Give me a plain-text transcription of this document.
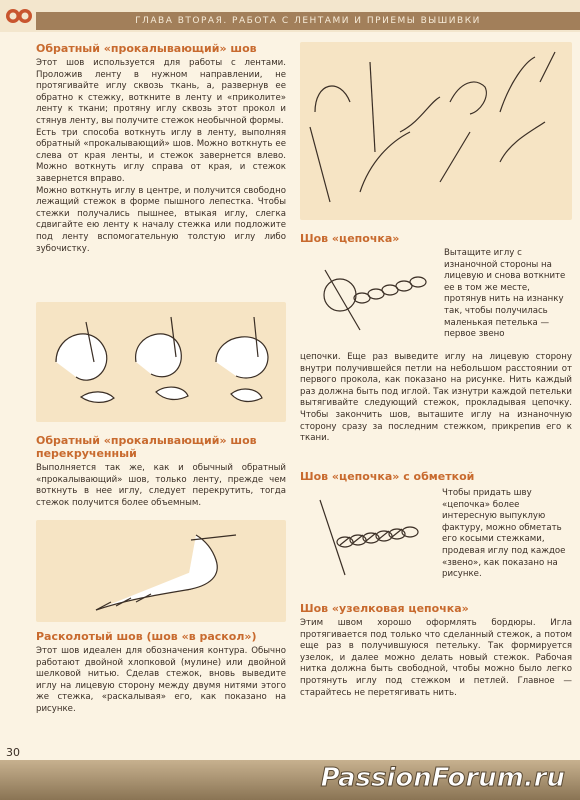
ГЛАВА ВТОРАЯ. РАБОТА С ЛЕНТАМИ И ПРИЕМЫ ВЫШИВКИ
Обратный «прокалывающий» шов

Этот шов используется для работы с лентами. Проложив ленту в нужном направлении, не протягивайте иглу сквозь ткань, а, развернув ее обратно к стежку, воткните в ленту и «приколите» ленту к ткани; протяну иглу сквозь этот прокол и стянув ленту, вы получите стежок необычной формы.

Есть три способа воткнуть иглу в ленту, выполняя обратный «прокалывающий» шов. Можно воткнуть ее слева от края ленты, и стежок завернется влево. Можно воткнуть иглу справа от края, и стежок завернется вправо.

Можно воткнуть иглу в центре, и получится свободно лежащий стежок в форме пышного лепестка. Чтобы стежки получались пышнее, втыкая иглу, слегка сдвигайте ею ленту к началу стежка или подложите под ленту вспомогательную толстую иглу либо зубочистку.

Обратный «прокалывающий» шов перекрученный

Выполняется так же, как и обычный обратный «прокалывающий» шов, только ленту, прежде чем воткнуть в нее иглу, следует перекрутить, тогда стежок получится более объемным.

Расколотый шов (шов «в раскол»)

Этот шов идеален для обозначения контура. Обычно работают двойной хлопковой (мулине) или двойной шелковой нитью. Сделав стежок, вновь выведите иглу на лицевую сторону между двумя нитями этого же стежка, «раскалывая» его, как показано на рисунке.

Шов «цепочка»

Вытащите иглу с изнаночной стороны на лицевую и снова воткните ее в том же месте, протянув нить на изнанку так, чтобы получилась маленькая петелька — первое звено

цепочки. Еще раз выведите иглу на лицевую сторону внутри получившейся петли на небольшом расстоянии от первого прокола, как показано на рисунке. Нить каждый раз должна быть под иглой. Так изнутри каждой петельки вытягивайте следующий стежок, прокладывая цепочку. Чтобы закончить шов, выташите иглу на изнаночную сторону сразу за последним стежком, прикрепив его к ткани.

Шов «цепочка» с обметкой

Чтобы придать шву «цепочка» более интересную выпуклую фактуру, можно обметать его косыми стежками, продевая иглу под каждое «звено», как показано на рисунке.

Шов «узелковая цепочка»

Этим швом хорошо оформлять бордюры. Игла протягивается под только что сделанный стежок, а потом еще раз в получившуюся петельку. Так формируется узелок, и далее можно делать новый стежок. Рабочая нитка должна быть свободной, чтобы можно было легко протянуть иглу под стежком и петлей. Главное — старайтесь не перетягивать нить.

30
PassionForum.ru
